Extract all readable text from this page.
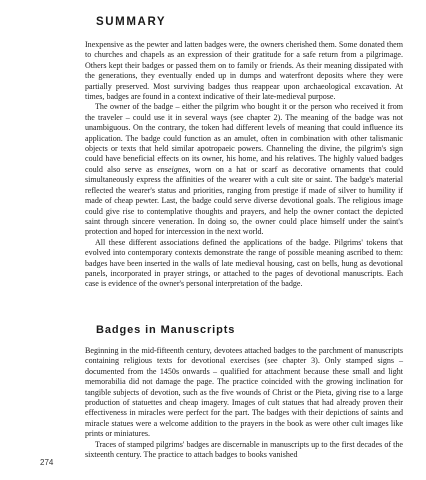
SUMMARY

Inexpensive as the pewter and latten badges were, the owners cherished them. Some donated them to churches and chapels as an expression of their gratitude for a safe return from a pilgrimage. Others kept their badges or passed them on to family or friends. As their meaning dissipated with the generations, they eventually ended up in dumps and waterfront deposits where they were partially preserved. Most surviving badges thus reappear upon archaeological excavation. At times, badges are found in a context indicative of their late-medieval purpose.

The owner of the badge – either the pilgrim who bought it or the person who received it from the traveler – could use it in several ways (see chapter 2). The meaning of the badge was not unambiguous. On the contrary, the token had different levels of meaning that could influence its application. The badge could function as an amulet, often in combination with other talismanic objects or texts that held similar apotropaeic powers. Channeling the divine, the pilgrim's sign could have beneficial effects on its owner, his home, and his relatives. The highly valued badges could also serve as enseignes, worn on a hat or scarf as decorative ornaments that could simultaneously express the affinities of the wearer with a cult site or saint. The badge's material reflected the wearer's status and priorities, ranging from prestige if made of silver to humility if made of cheap pewter. Last, the badge could serve diverse devotional goals. The religious image could give rise to contemplative thoughts and prayers, and help the owner contact the depicted saint through sincere veneration. In doing so, the owner could place himself under the saint's protection and hoped for intercession in the next world.

All these different associations defined the applications of the badge. Pilgrims' tokens that evolved into contemporary contexts demonstrate the range of possible meaning ascribed to them: badges have been inserted in the walls of late medieval housing, cast on bells, hung as devotional panels, incorporated in prayer strings, or attached to the pages of devotional manuscripts. Each case is evidence of the owner's personal interpretation of the badge.

Badges in Manuscripts

Beginning in the mid-fifteenth century, devotees attached badges to the parchment of manuscripts containing religious texts for devotional exercises (see chapter 3). Only stamped signs – documented from the 1450s onwards – qualified for attachment because these small and light memorabilia did not damage the page. The practice coincided with the growing inclination for tangible subjects of devotion, such as the five wounds of Christ or the Pieta, giving rise to a large production of statuettes and cheap imagery. Images of cult statues that had already proven their effectiveness in miracles were perfect for the part. The badges with their depictions of saints and miracle statues were a welcome addition to the prayers in the book as were other cult images like prints or miniatures.

Traces of stamped pilgrims' badges are discernable in manuscripts up to the first decades of the sixteenth century. The practice to attach badges to books vanished

274
